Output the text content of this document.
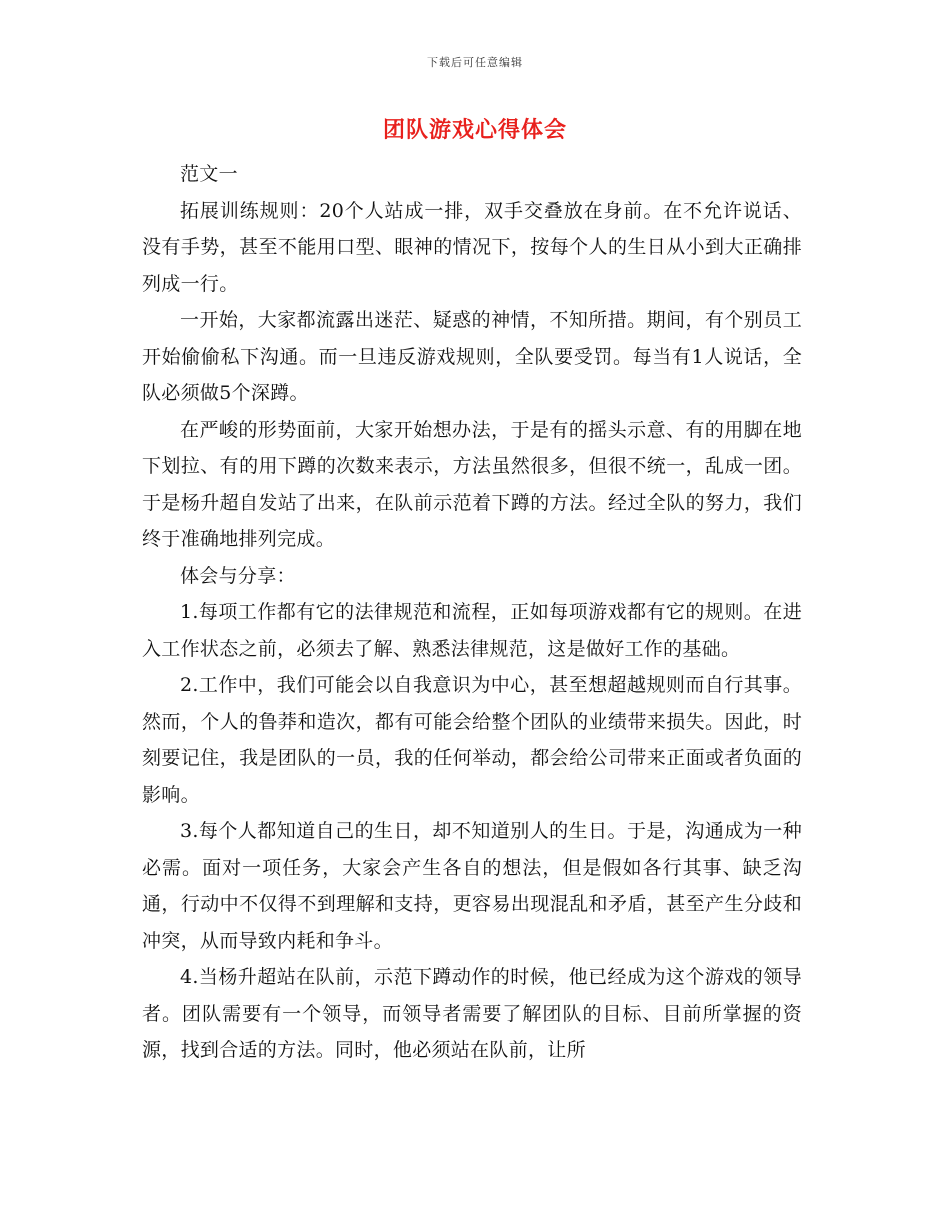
下载后可任意编辑
团队游戏心得体会

范文一

拓展训练规则：20个人站成一排，双手交叠放在身前。在不允许说话、没有手势，甚至不能用口型、眼神的情况下，按每个人的生日从小到大正确排列成一行。

一开始，大家都流露出迷茫、疑惑的神情，不知所措。期间，有个别员工开始偷偷私下沟通。而一旦违反游戏规则，全队要受罚。每当有1人说话，全队必须做5个深蹲。

在严峻的形势面前，大家开始想办法，于是有的摇头示意、有的用脚在地下划拉、有的用下蹲的次数来表示，方法虽然很多，但很不统一，乱成一团。于是杨升超自发站了出来，在队前示范着下蹲的方法。经过全队的努力，我们终于准确地排列完成。

体会与分享：

1.每项工作都有它的法律规范和流程，正如每项游戏都有它的规则。在进入工作状态之前，必须去了解、熟悉法律规范，这是做好工作的基础。

2.工作中，我们可能会以自我意识为中心，甚至想超越规则而自行其事。然而，个人的鲁莽和造次，都有可能会给整个团队的业绩带来损失。因此，时刻要记住，我是团队的一员，我的任何举动，都会给公司带来正面或者负面的影响。

3.每个人都知道自己的生日，却不知道别人的生日。于是，沟通成为一种必需。面对一项任务，大家会产生各自的想法，但是假如各行其事、缺乏沟通，行动中不仅得不到理解和支持，更容易出现混乱和矛盾，甚至产生分歧和冲突，从而导致内耗和争斗。

4.当杨升超站在队前，示范下蹲动作的时候，他已经成为这个游戏的领导者。团队需要有一个领导，而领导者需要了解团队的目标、目前所掌握的资源，找到合适的方法。同时，他必须站在队前，让所
